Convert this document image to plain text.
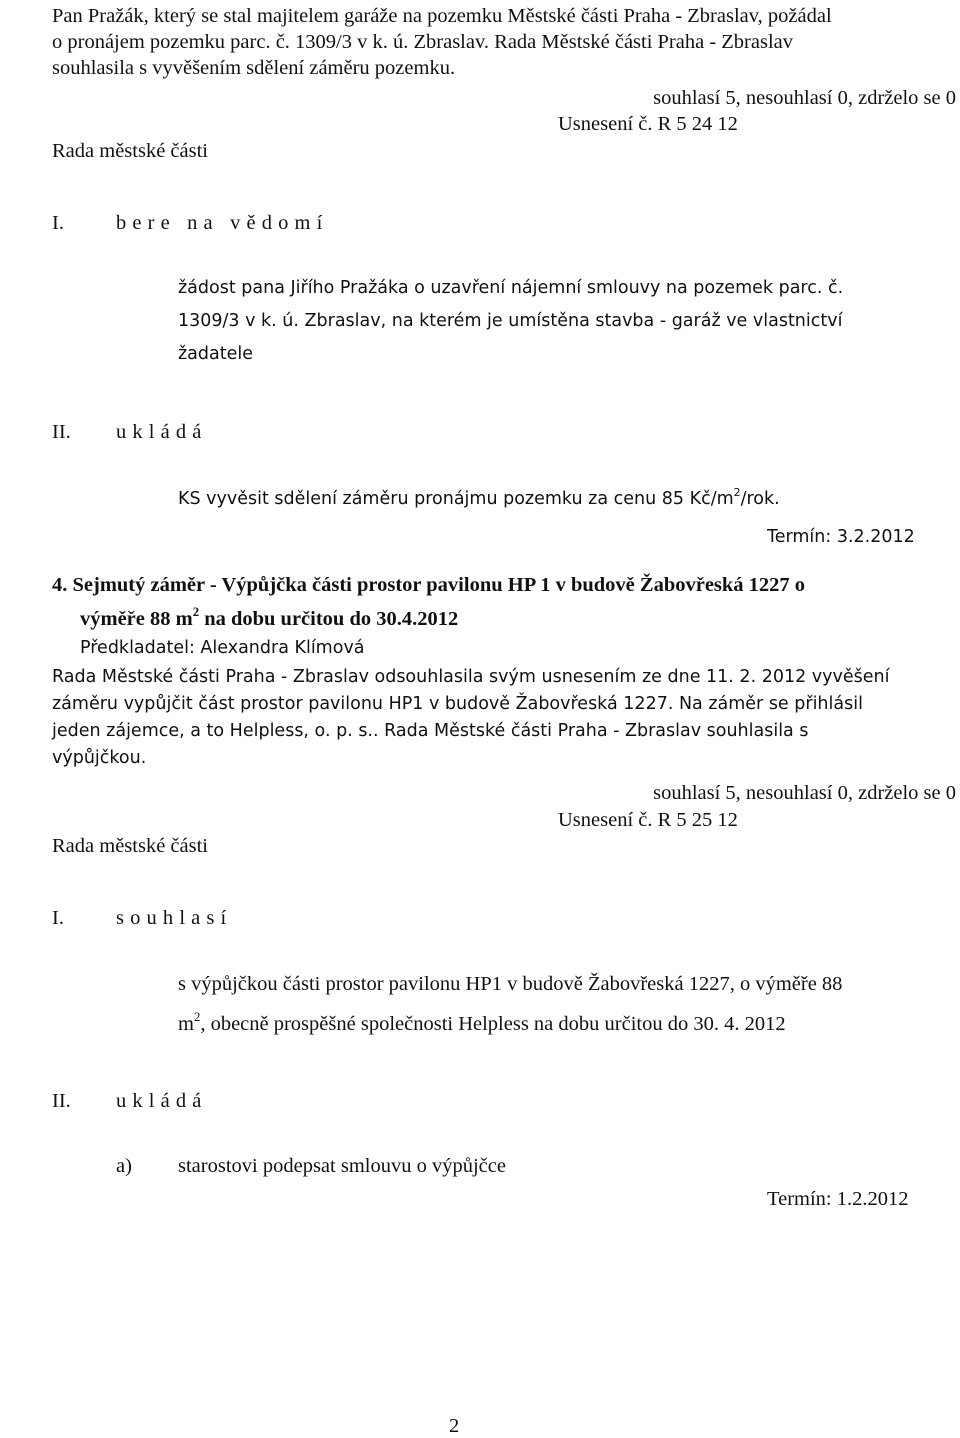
Pan Pražák, který se stal majitelem garáže na pozemku Městské části Praha - Zbraslav, požádal
o pronájem pozemku parc. č. 1309/3 v k. ú. Zbraslav. Rada Městské části Praha - Zbraslav
souhlasila s vyvěšením sdělení záměru pozemku.
souhlasí 5, nesouhlasí 0, zdrželo se 0
Usnesení č. R 5 24 12
Rada městské části
I.	bere na vědomí
žádost pana Jiřího Pražáka o uzavření nájemní smlouvy na pozemek parc. č.
1309/3 v k. ú. Zbraslav, na kterém je umístěna stavba - garáž ve vlastnictví
žadatele
II. ukládá
KS vyvěsit sdělení záměru pronájmu pozemku za cenu 85 $Kč/m^2$/rok.
Termín: 3.2.2012
4. Sejmutý záměr - Výpůjčka části prostor pavilonu HP 1 v budově Žabovřeská 1227 o
výměře 88 $m^2$ na dobu určitou do 30.4.2012
Předkladatel: Alexandra Klímová
Rada Městské části Praha - Zbraslav odsouhlasila svým usnesením ze dne 11. 2. 2012 vyvěšení
záměru vypůjčit část prostor pavilonu HP1 v budově Žabovřeská 1227. Na záměr se přihlásil
jeden zájemce, a to Helpless, o. p. s.. Rada Městské části Praha - Zbraslav souhlasila s
výpůjčkou.
souhlasí 5, nesouhlasí 0, zdrželo se 0
Usnesení č. R 5 25 12
Rada městské části
I.	souhlasí
s výpůjčkou části prostor pavilonu HP1 v budově Žabovřeská 1227, o výměře 88
$m^2$, obecně prospěšné společnosti Helpless na dobu určitou do 30. 4. 2012
II. ukládá
a) starostovi podepsat smlouvu o výpůjčce
Termín: 1.2.2012
2
